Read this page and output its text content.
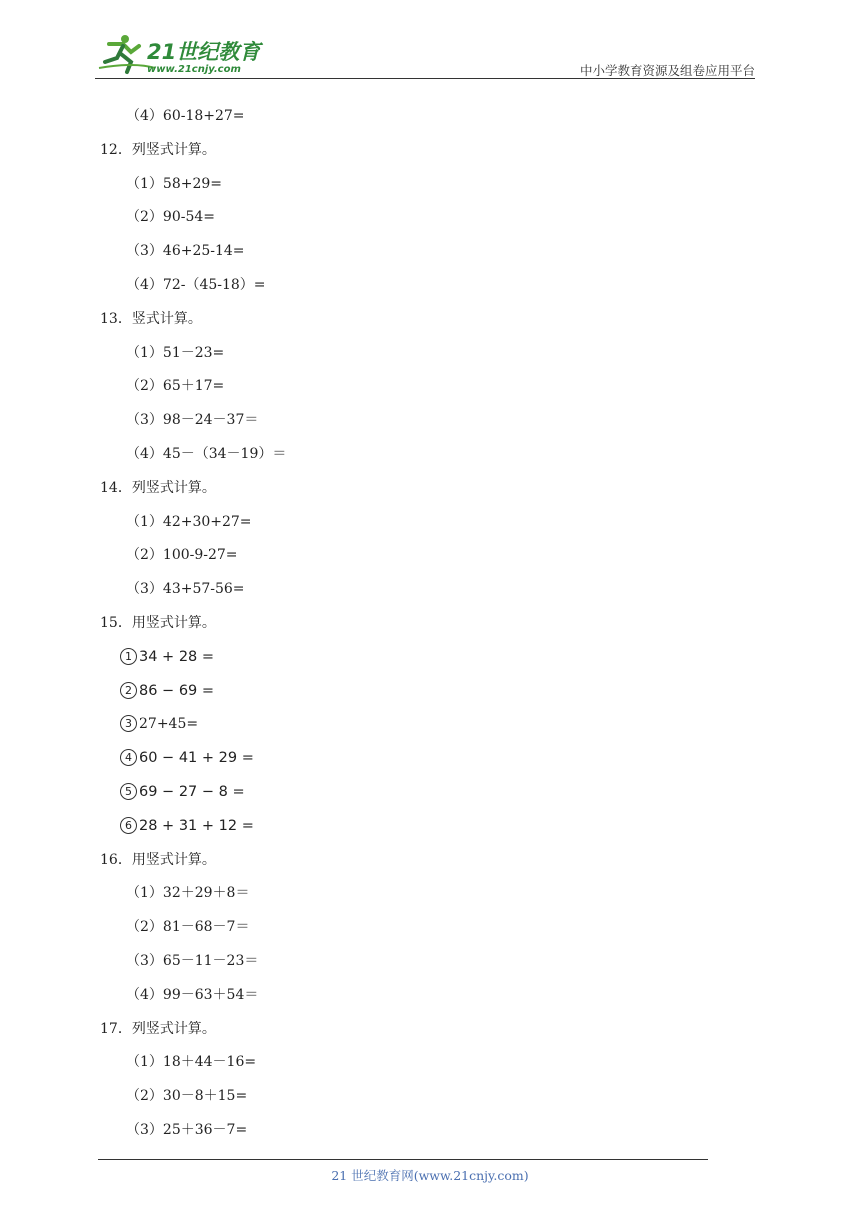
21世纪教育
www.21cnjy.com	中小学教育资源及组卷应用平台
（4）60-18+27=
12．列竖式计算。
（1）58+29=
（2）90-54=
（3）46+25-14=
（4）72-（45-18）=
13．竖式计算。
（1）51－23=
（2）65＋17=
（3）98－24－37＝
（4）45－（34－19）＝
14．列竖式计算。
（1）42+30+27=
（2）100-9-27=
（3）43+57-56=
15．用竖式计算。
1 34 + 28 =
2 86 − 69 =
3 27+45=
4 60 − 41 + 29 =
5 69 − 27 − 8 =
6 28 + 31 + 12 =
16．用竖式计算。
（1）32＋29＋8＝
（2）81－68－7＝
（3）65－11－23＝
（4）99－63＋54＝
17．列竖式计算。
（1）18＋44－16=
（2）30－8＋15=
（3）25＋36－7=
21 世纪教育网(www.21cnjy.com)
